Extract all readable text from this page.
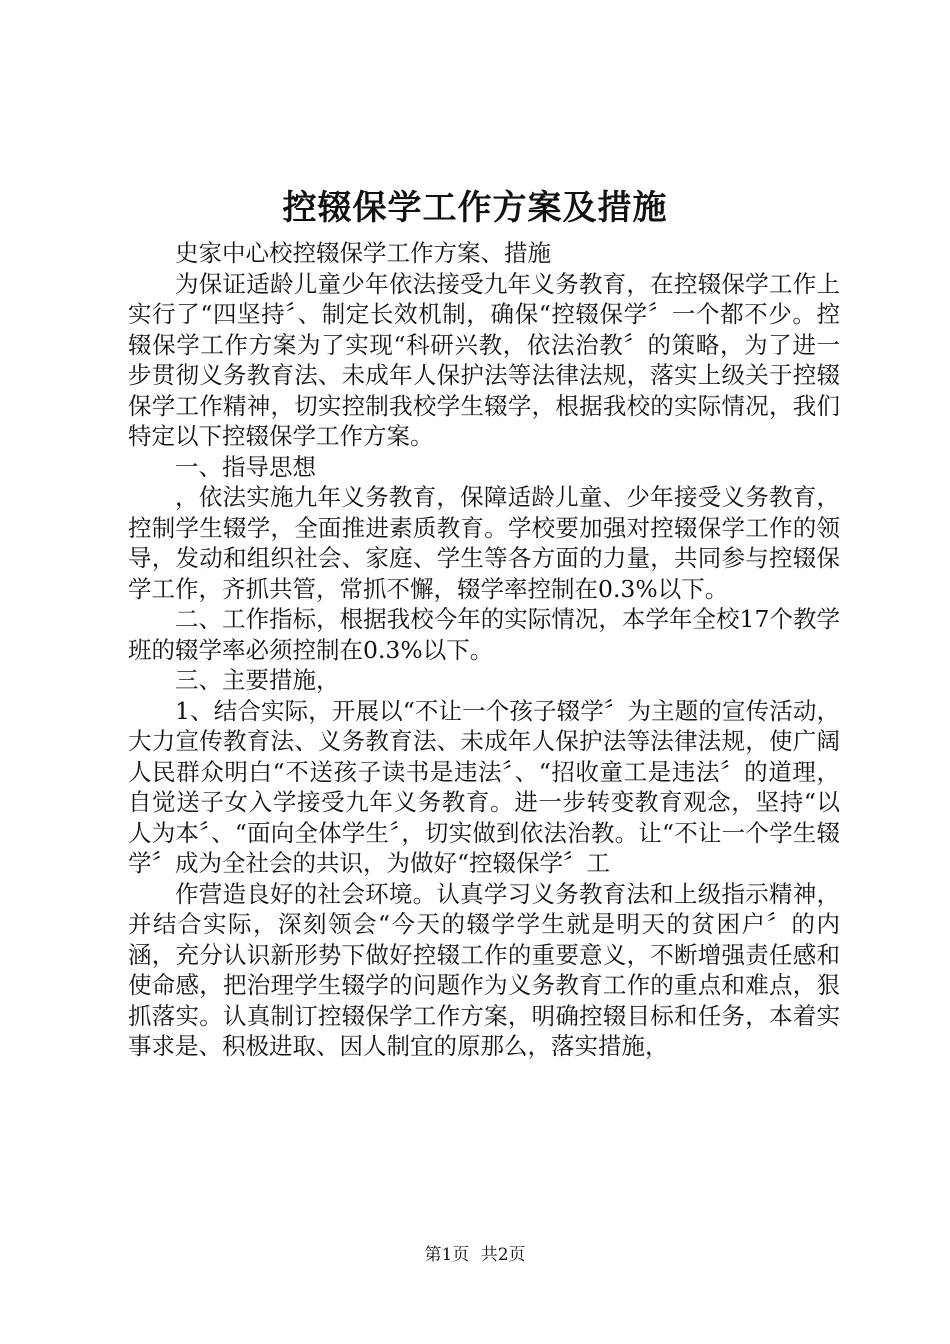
控辍保学工作方案及措施

史家中心校控辍保学工作方案、措施

为保证适龄儿童少年依法接受九年义务教育，在控辍保学工作上实行了“四坚持〞、制定长效机制，确保“控辍保学〞一个都不少。控辍保学工作方案为了实现“科研兴教，依法治教〞的策略，为了进一步贯彻义务教育法、未成年人保护法等法律法规，落实上级关于控辍保学工作精神，切实控制我校学生辍学，根据我校的实际情况，我们特定以下控辍保学工作方案。

一、指导思想

，依法实施九年义务教育，保障适龄儿童、少年接受义务教育，控制学生辍学，全面推进素质教育。学校要加强对控辍保学工作的领导，发动和组织社会、家庭、学生等各方面的力量，共同参与控辍保学工作，齐抓共管，常抓不懈，辍学率控制在0.3%以下。

二、工作指标，根据我校今年的实际情况，本学年全校17个教学班的辍学率必须控制在0.3%以下。

三、主要措施，

1、结合实际，开展以“不让一个孩子辍学〞为主题的宣传活动，大力宣传教育法、义务教育法、未成年人保护法等法律法规，使广阔人民群众明白“不送孩子读书是违法〞、“招收童工是违法〞的道理，自觉送子女入学接受九年义务教育。进一步转变教育观念，坚持“以人为本〞、“面向全体学生〞，切实做到依法治教。让“不让一个学生辍学〞成为全社会的共识，为做好“控辍保学〞工

作营造良好的社会环境。认真学习义务教育法和上级指示精神，并结合实际，深刻领会“今天的辍学学生就是明天的贫困户〞的内涵，充分认识新形势下做好控辍工作的重要意义，不断增强责任感和使命感，把治理学生辍学的问题作为义务教育工作的重点和难点，狠抓落实。认真制订控辍保学工作方案，明确控辍目标和任务，本着实事求是、积极进取、因人制宜的原那么，落实措施，

第1页 共2页
